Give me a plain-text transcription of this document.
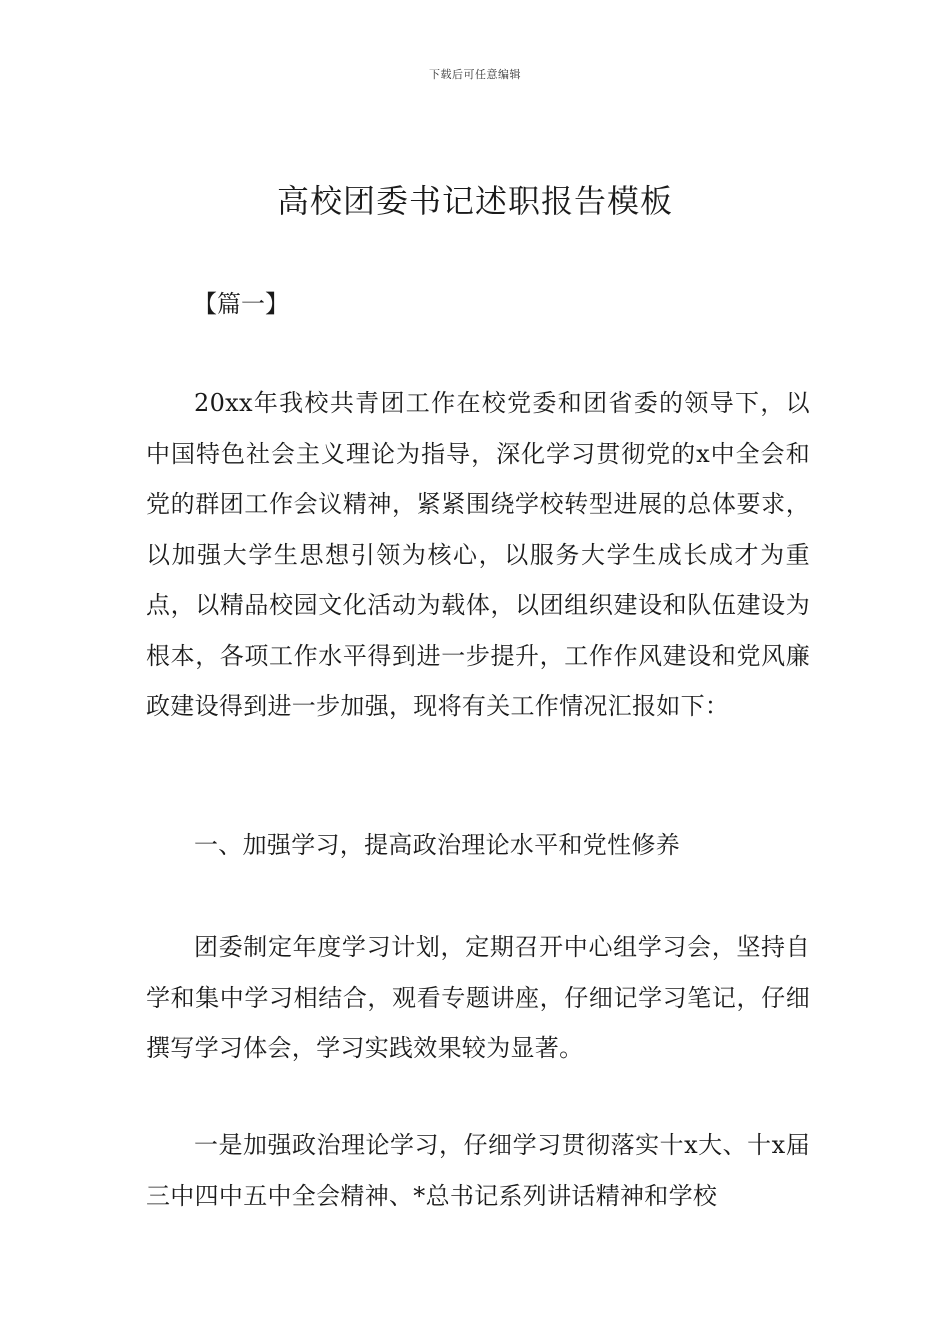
下载后可任意编辑
高校团委书记述职报告模板

【篇一】

20xx年我校共青团工作在校党委和团省委的领导下，以中国特色社会主义理论为指导，深化学习贯彻党的x中全会和党的群团工作会议精神，紧紧围绕学校转型进展的总体要求，以加强大学生思想引领为核心，以服务大学生成长成才为重点，以精品校园文化活动为载体，以团组织建设和队伍建设为根本，各项工作水平得到进一步提升，工作作风建设和党风廉政建设得到进一步加强，现将有关工作情况汇报如下：

一、加强学习，提高政治理论水平和党性修养

团委制定年度学习计划，定期召开中心组学习会，坚持自学和集中学习相结合，观看专题讲座，仔细记学习笔记，仔细撰写学习体会，学习实践效果较为显著。

一是加强政治理论学习，仔细学习贯彻落实十x大、十x届三中四中五中全会精神、*总书记系列讲话精神和学校
